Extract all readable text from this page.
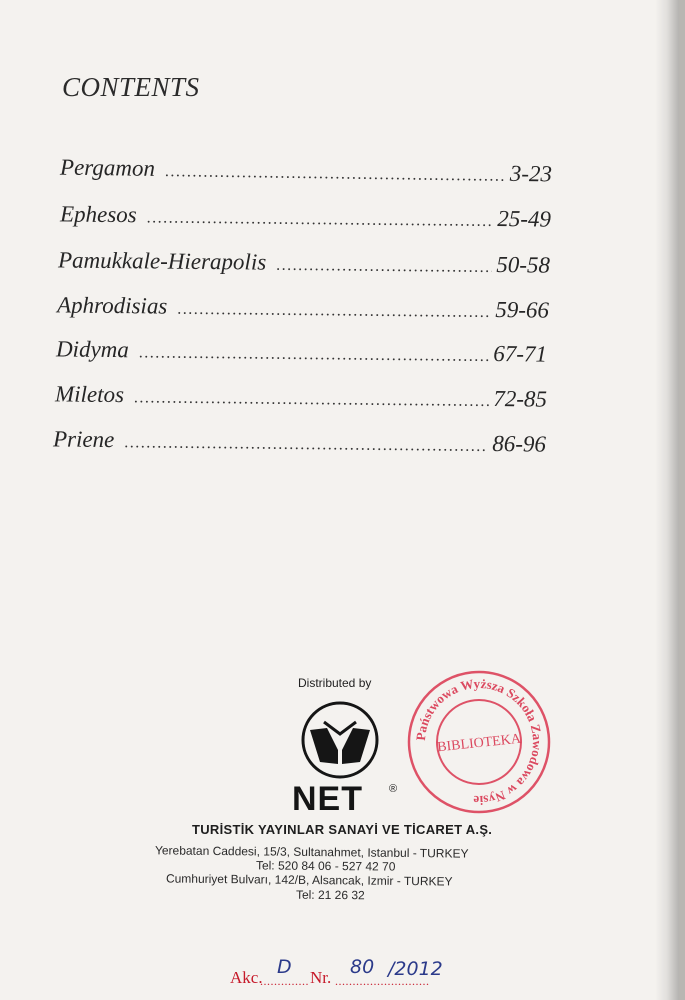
CONTENTS
Pergamon .....	3-23
Ephesos .....	25-49
Pamukkale-Hierapolis .....	50-58
Aphrodisias .....	59-66
Didyma .....	67-71
Miletos .....	72-85
Priene .....	86-96
Distributed by
NET ®
TURİSTİK YAYINLAR SANAYİ VE TİCARET A.Ş.
Yerebatan Caddesi, 15/3, Sultanahmet, Istanbul - TURKEY
Tel: 520 84 06 - 527 42 70
Cumhuriyet Bulvarı, 142/B, Alsancak, Izmir - TURKEY
Tel: 21 26 32
Państwowa Wyższa Szkoła Zawodowa w Nysie
BIBLIOTEKA
Akc.
..............
D Nr. ...........................
80 /2012
